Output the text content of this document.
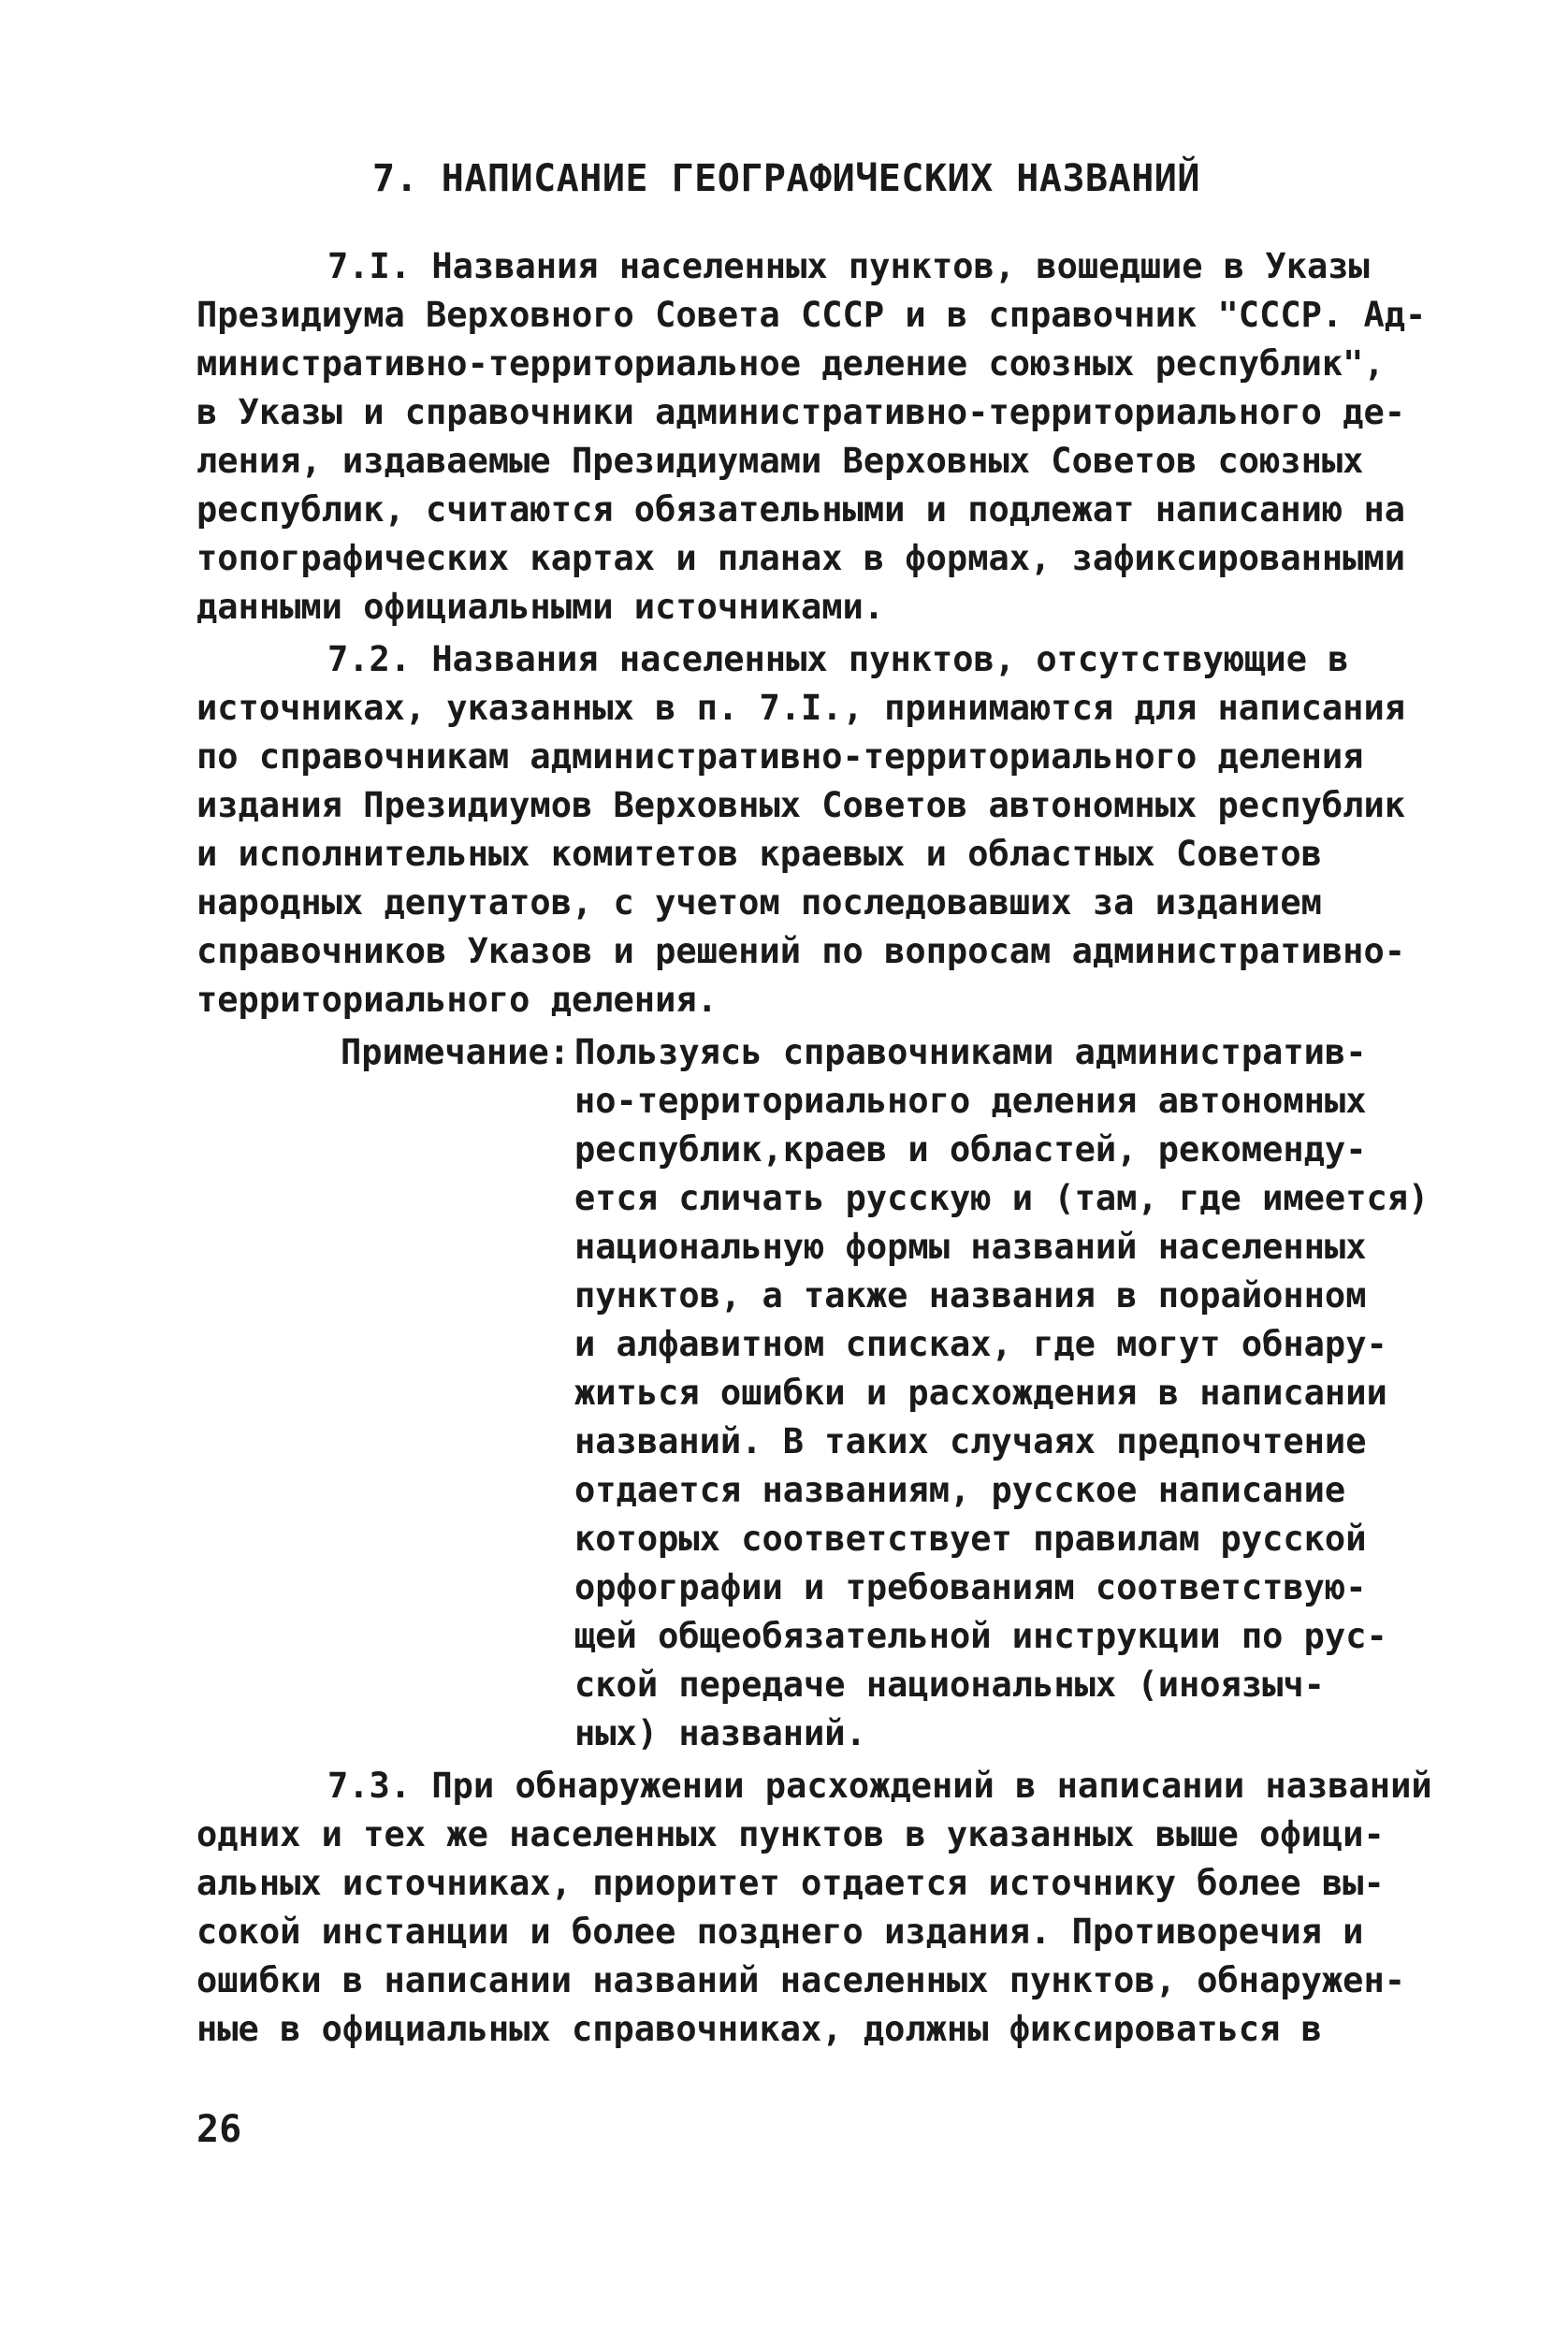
7. НАПИСАНИЕ ГЕОГРАФИЧЕСКИХ НАЗВАНИЙ

7.I. Названия населенных пунктов, вошедшие в Указы

Президиума Верховного Совета СССР и в справочник "СССР. Ад-

министративно-территориальное деление союзных республик",

в Указы и справочники административно-территориального де-

ления, издаваемые Президиумами Верховных Советов союзных

республик, считаются обязательными и подлежат написанию на

топографических картах и планах в формах, зафиксированными

данными официальными источниками.

7.2. Названия населенных пунктов, отсутствующие в

источниках, указанных в п. 7.I., принимаются для написания

по справочникам административно-территориального деления

издания Президиумов Верховных Советов автономных республик

и исполнительных комитетов краевых и областных Советов

народных депутатов, с учетом последовавших за изданием

справочников Указов и решений по вопросам административно-

территориального деления.

Примечание: Пользуясь справочниками административ-

но-территориального деления автономных

республик,краев и областей, рекоменду-

ется сличать русскую и (там, где имеется)

национальную формы названий населенных

пунктов, а также названия в порайонном

и алфавитном списках, где могут обнару-

житься ошибки и расхождения в написании

названий. В таких случаях предпочтение

отдается названиям, русское написание

которых соответствует правилам русской

орфографии и требованиям соответствую-

щей общеобязательной инструкции по рус-

ской передаче национальных (иноязыч-

ных) названий.

7.3. При обнаружении расхождений в написании названий

одних и тех же населенных пунктов в указанных выше офици-

альных источниках, приоритет отдается источнику более вы-

сокой инстанции и более позднего издания. Противоречия и

ошибки в написании названий населенных пунктов, обнаружен-

ные в официальных справочниках, должны фиксироваться в

26
